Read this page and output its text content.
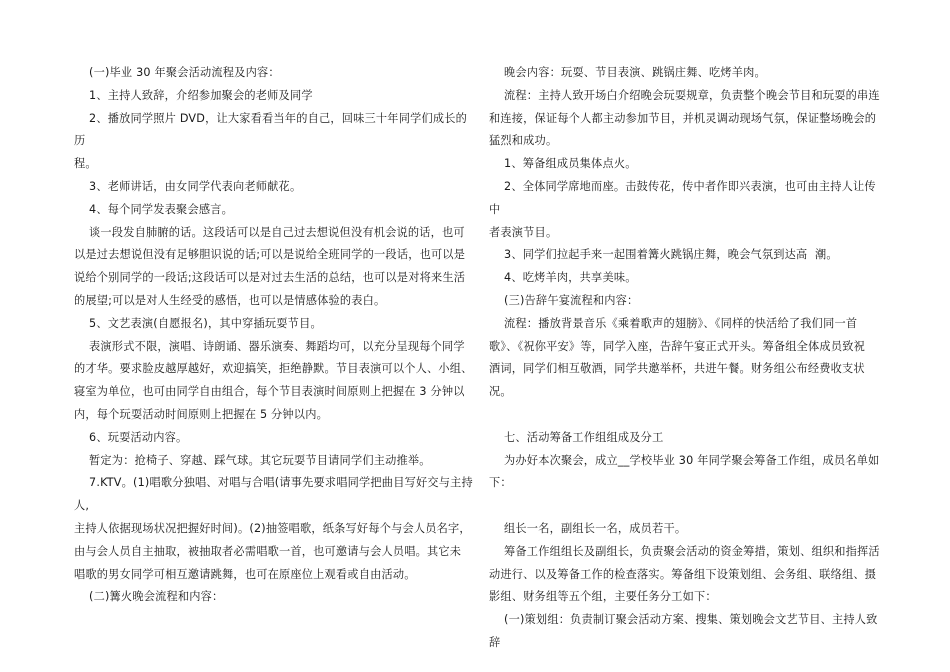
(一)毕业 30 年聚会活动流程及内容：

1、主持人致辞，介绍参加聚会的老师及同学

2、播放同学照片 DVD，让大家看看当年的自己，回味三十年同学们成长的历

程。

3、老师讲话，由女同学代表向老师献花。

4、每个同学发表聚会感言。

谈一段发自肺腑的话。这段话可以是自己过去想说但没有机会说的话，也可

以是过去想说但没有足够胆识说的话;可以是说给全班同学的一段话，也可以是

说给个别同学的一段话;这段话可以是对过去生活的总结，也可以是对将来生活

的展望;可以是对人生经受的感悟，也可以是情感体验的表白。

5、文艺表演(自愿报名)，其中穿插玩耍节目。

表演形式不限，演唱、诗朗诵、器乐演奏、舞蹈均可，以充分呈现每个同学

的才华。要求脸皮越厚越好，欢迎搞笑，拒绝静默。节目表演可以个人、小组、

寝室为单位，也可由同学自由组合，每个节目表演时间原则上把握在 3 分钟以

内，每个玩耍活动时间原则上把握在 5 分钟以内。

6、玩耍活动内容。

暂定为：抢椅子、穿越、踩气球。其它玩耍节目请同学们主动推举。

7.KTV。(1)唱歌分独唱、对唱与合唱(请事先要求唱同学把曲目写好交与主持人,

主持人依据现场状况把握好时间)。(2)抽签唱歌，纸条写好每个与会人员名字，

由与会人员自主抽取，被抽取者必需唱歌一首，也可邀请与会人员唱。其它未

唱歌的男女同学可相互邀请跳舞，也可在原座位上观看或自由活动。

(二)篝火晚会流程和内容：

晚会内容：玩耍、节目表演、跳锅庄舞、吃烤羊肉。

流程：主持人致开场白介绍晚会玩耍规章，负责整个晚会节目和玩耍的串连

和连接，保证每个人都主动参加节目，并机灵调动现场气氛，保证整场晚会的

猛烈和成功。

1、筹备组成员集体点火。

2、全体同学席地而座。击鼓传花，传中者作即兴表演，也可由主持人让传中

者表演节目。

3、同学们拉起手来一起围着篝火跳锅庄舞，晚会气氛到达高  潮。

4、吃烤羊肉，共享美味。

(三)告辞午宴流程和内容：

流程：播放背景音乐《乘着歌声的翅膀》、《同样的快活给了我们同一首

歌》、《祝你平安》等，同学入座，告辞午宴正式开头。筹备组全体成员致祝

酒词，同学们相互敬酒，同学共邀举杯，共进午餐。财务组公布经费收支状况。

七、活动筹备工作组组成及分工

为办好本次聚会，成立__学校毕业 30 年同学聚会筹备工作组，成员名单如下：

组长一名，副组长一名，成员若干。

筹备工作组组长及副组长，负责聚会活动的资金筹措，策划、组织和指挥活

动进行、以及筹备工作的检查落实。筹备组下设策划组、会务组、联络组、摄

影组、财务组等五个组，主要任务分工如下：

(一)策划组：负责制订聚会活动方案、搜集、策划晚会文艺节目、主持人致辞
